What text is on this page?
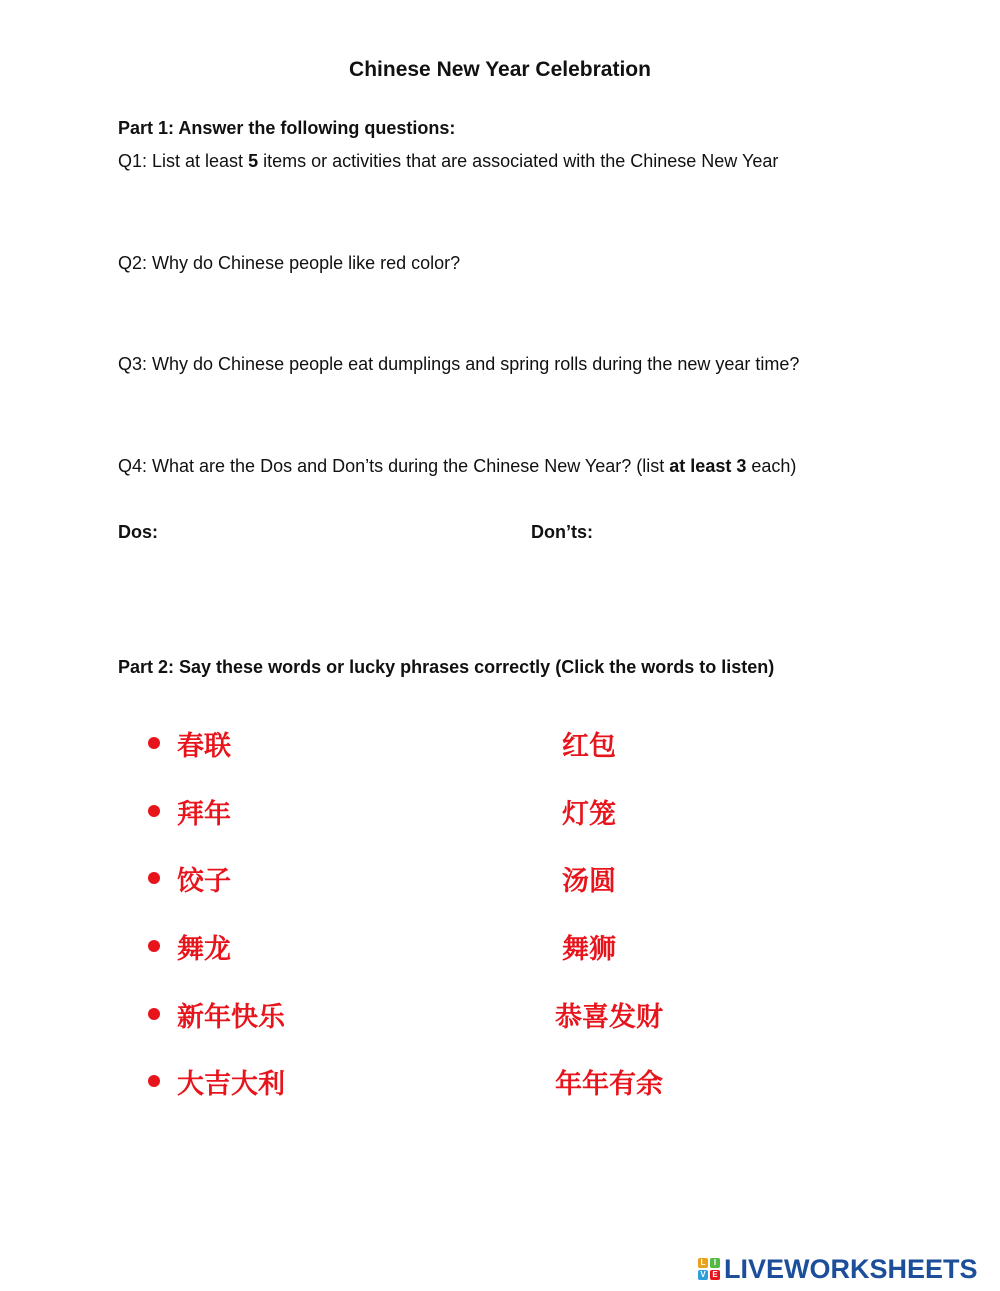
Chinese New Year Celebration
Part 1: Answer the following questions:
Q1: List at least 5 items or activities that are associated with the Chinese New Year
Q2: Why do Chinese people like red color?
Q3: Why do Chinese people eat dumplings and spring rolls during the new year time?
Q4: What are the Dos and Don’ts during the Chinese New Year? (list at least 3 each)
Dos:	Don’ts:
Part 2: Say these words or lucky phrases correctly (Click the words to listen)
春联
拜年
饺子
舞龙
新年快乐
大吉大利
红包
灯笼
汤圆
舞狮
恭喜发财
年年有余
L	I
V E LIVEWORKSHEETS
